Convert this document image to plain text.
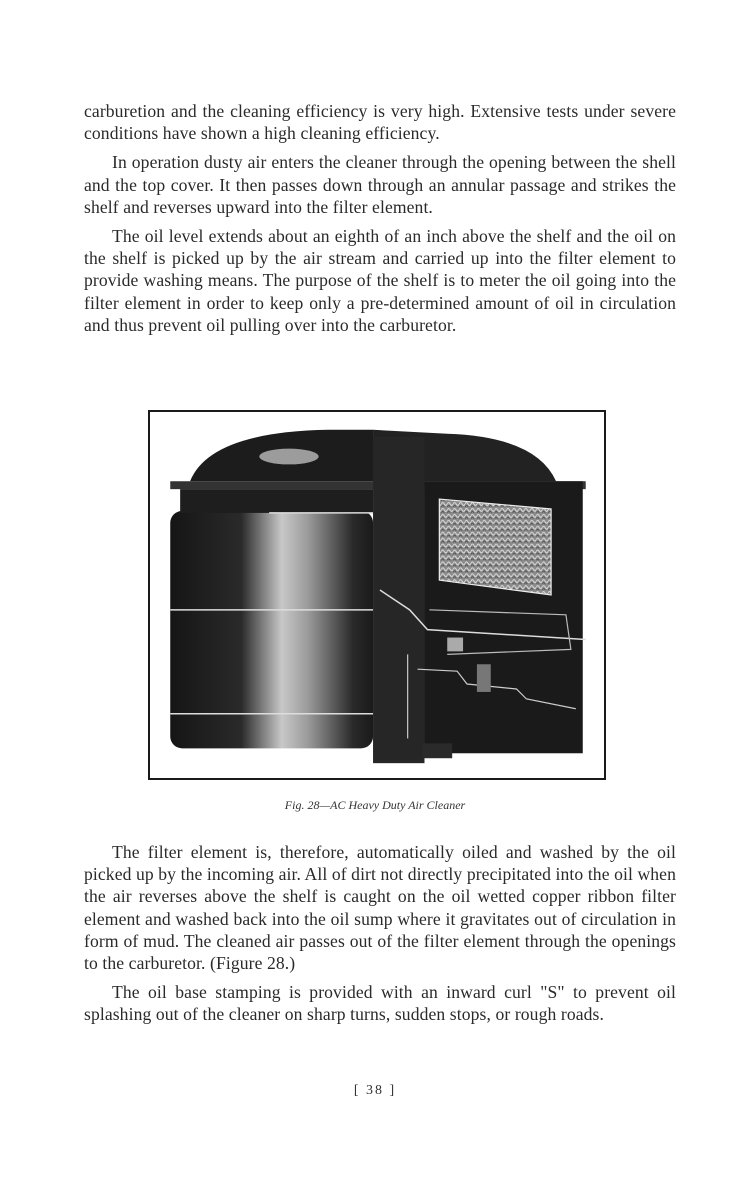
carburetion and the cleaning efficiency is very high. Extensive tests under severe conditions have shown a high cleaning efficiency.

In operation dusty air enters the cleaner through the opening between the shell and the top cover. It then passes down through an annular passage and strikes the shelf and reverses upward into the filter element.

The oil level extends about an eighth of an inch above the shelf and the oil on the shelf is picked up by the air stream and carried up into the filter element to provide washing means. The purpose of the shelf is to meter the oil going into the filter element in order to keep only a pre-determined amount of oil in circulation and thus prevent oil pulling over into the carburetor.

Fig. 28—AC Heavy Duty Air Cleaner

The filter element is, therefore, automatically oiled and washed by the oil picked up by the incoming air. All of dirt not directly precipitated into the oil when the air reverses above the shelf is caught on the oil wetted copper ribbon filter element and washed back into the oil sump where it gravitates out of circulation in form of mud. The cleaned air passes out of the filter element through the openings to the carburetor. (Figure 28.)

The oil base stamping is provided with an inward curl "S" to prevent oil splashing out of the cleaner on sharp turns, sudden stops, or rough roads.

[ 38 ]
